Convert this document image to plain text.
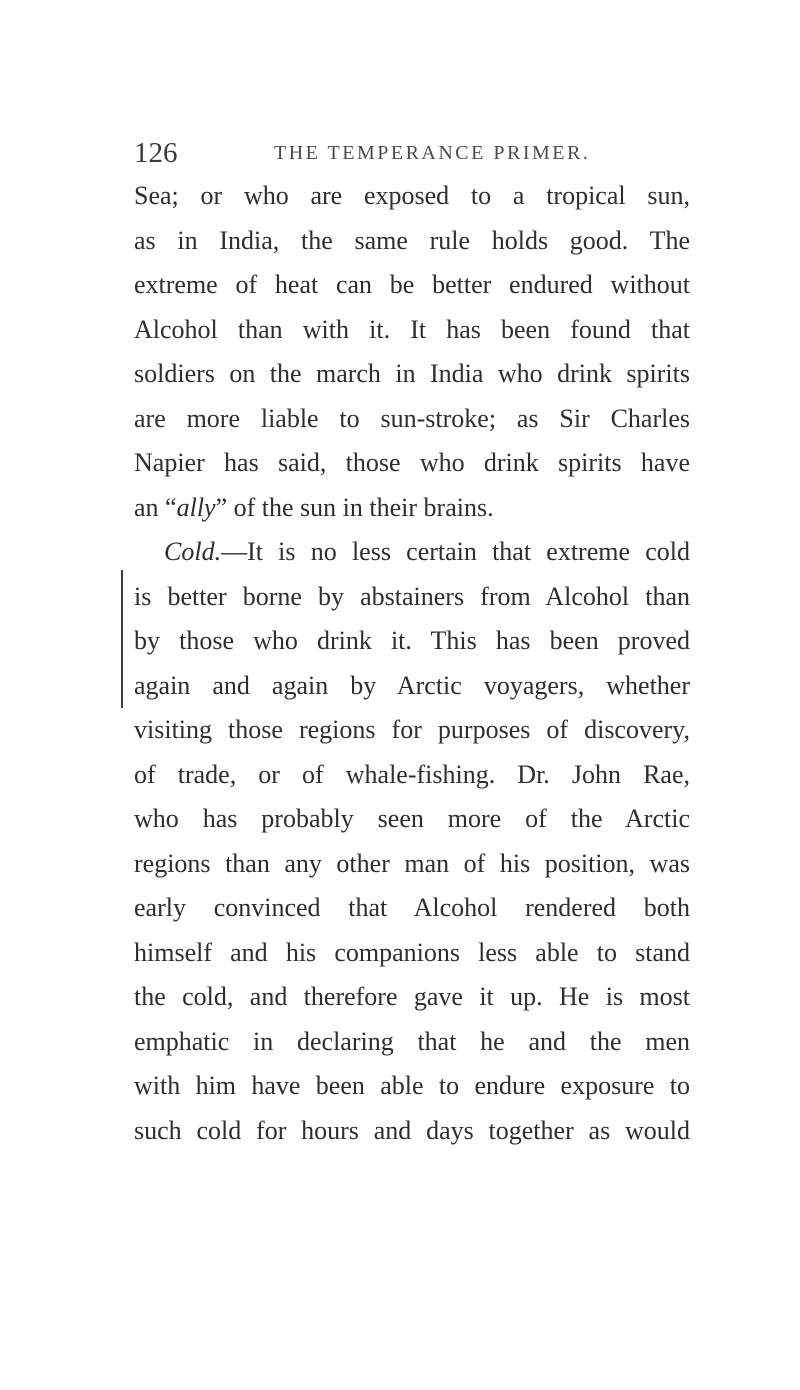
126	THE TEMPERANCE PRIMER.
Sea; or who are exposed to a tropical sun,
as in India, the same rule holds good. The
extreme of heat can be better endured without
Alcohol than with it. It has been found that
soldiers on the march in India who drink spirits
are more liable to sun-stroke; as Sir Charles
Napier has said, those who drink spirits have
an “ally” of the sun in their brains.
Cold.—It is no less certain that extreme cold
is better borne by abstainers from Alcohol than
by those who drink it. This has been proved
again and again by Arctic voyagers, whether
visiting those regions for purposes of discovery,
of trade, or of whale-fishing. Dr. John Rae,
who has probably seen more of the Arctic
regions than any other man of his position, was
early convinced that Alcohol rendered both
himself and his companions less able to stand
the cold, and therefore gave it up. He is most
emphatic in declaring that he and the men
with him have been able to endure exposure to
such cold for hours and days together as would
